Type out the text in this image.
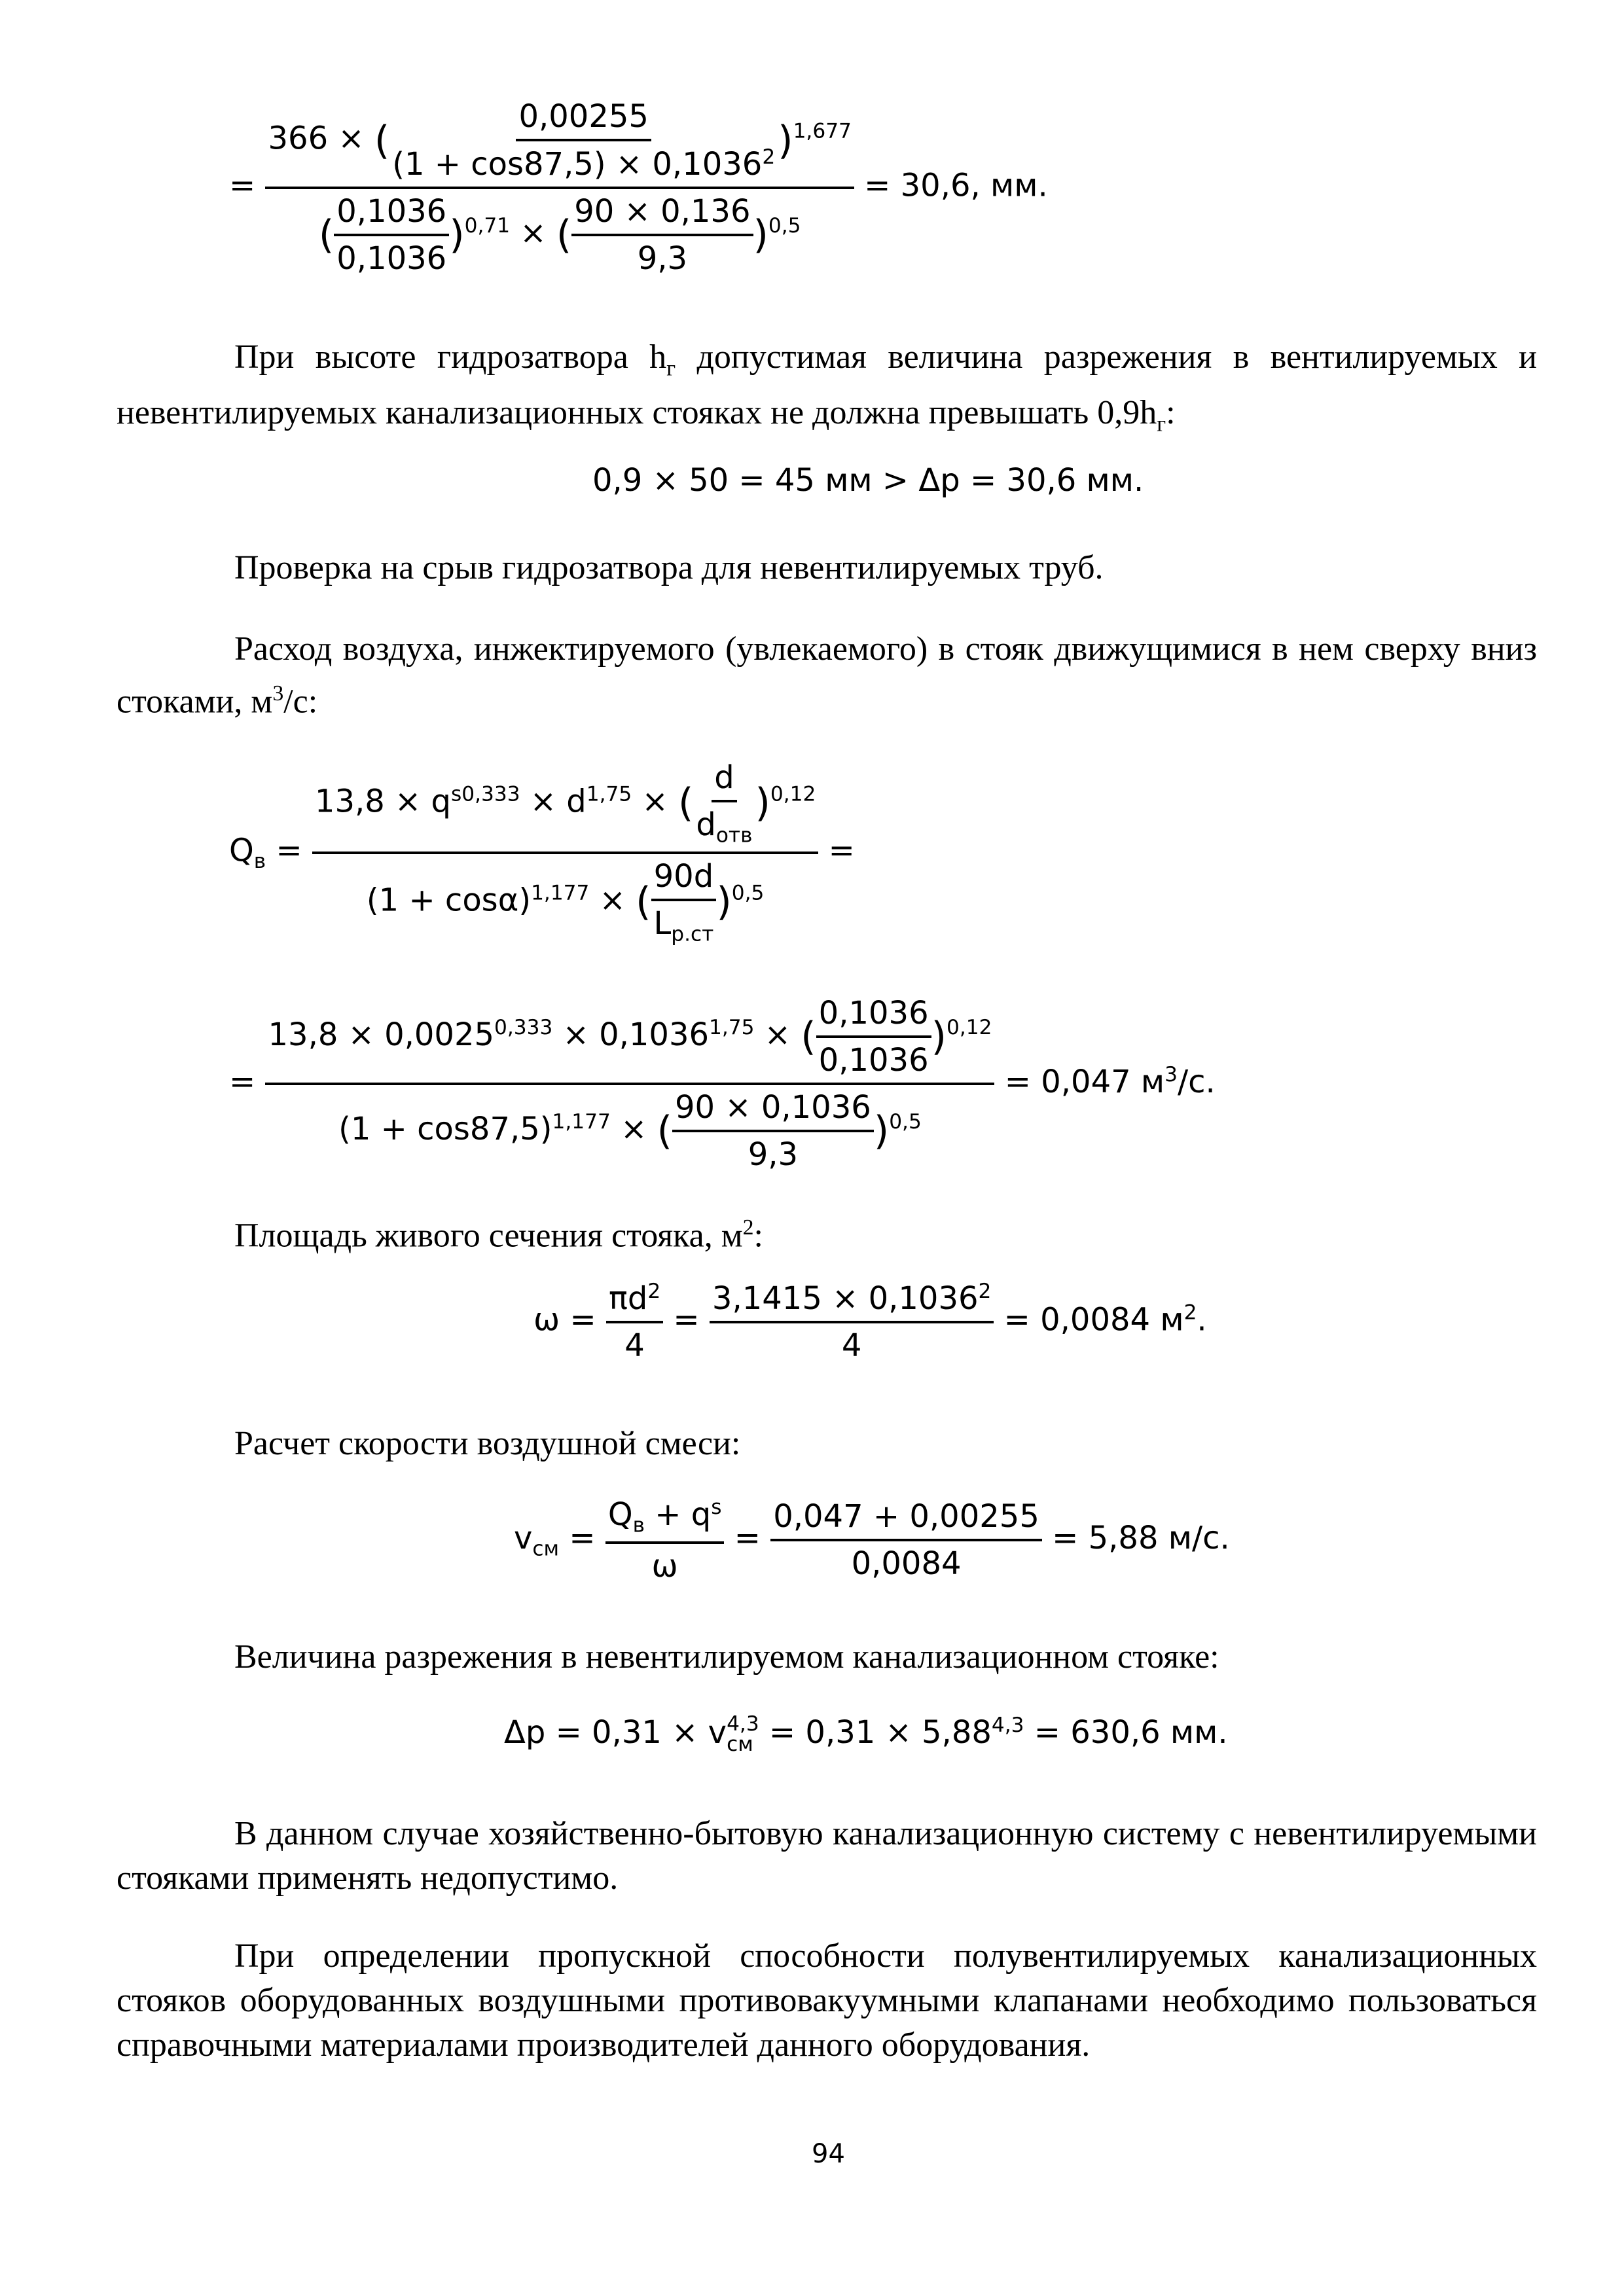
=
366 × ( $\frac{0,00255}{(1 + \cos 87,5) \times 0,1036^2} )^{1,677}$
( $\frac{0,1036}{0,1036} )^{0,71}$ × ( $\frac{90 \times 0,136}{9,3} )^{0,5}$
= 30,6, мм.
При высоте гидрозатвора $h_г$ допустимая величина разрежения в вентилируемых и невентилируемых канализационных стояках не должна превышать $0,9h_г$:
0,9 × 50 = 45 мм > Δp = 30,6 мм.
Проверка на срыв гидрозатвора для невентилируемых труб.
Расход воздуха, инжектируемого (увлекаемого) в стояк движущимися в нем сверху вниз стоками, $м^3/с$:
$Q_в$ =
$13,8 \times q^{s0,333} \times d^{1,75}$ × ( $\frac{d}{d_{отв}} )^{0,12}$
$(1 + \cos\alpha)^{1,177}$ × ( $\frac{90d}{L_{р.ст}} )^{0,5}$
=
=
$13,8 \times 0,0025^{0,333} \times 0,1036^{1,75}$ × ( $\frac{0,1036}{0,1036} )^{0,12}$
$(1 + \cos 87,5)^{1,177}$ × ( $\frac{90 \times 0,1036}{9,3} )^{0,5}$
= 0,047 $м^3/с$.
Площадь живого сечения стояка, $м^2$:
$\omega = \frac{\pi d^2}{4} = \frac{3,1415 \times 0,1036^2}{4} = 0,0084$ $м^2$.
Расчет скорости воздушной смеси:
$v_{см} = \frac{Q_в + q^s}{\omega} = \frac{0,047 + 0,00255}{0,0084} = 5,88$ м/с.
Величина разрежения в невентилируемом канализационном стояке:
Δp = 0,31 × v 4,3
см = $0,31 \times 5,88^{4,3} = 630,6$ мм.
В данном случае хозяйственно-бытовую канализационную систему с невентилируемыми стояками применять недопустимо.
При определении пропускной способности полувентилируемых канализационных стояков оборудованных воздушными противовакуумными клапанами необходимо пользоваться справочными материалами производителей данного оборудования.
94
